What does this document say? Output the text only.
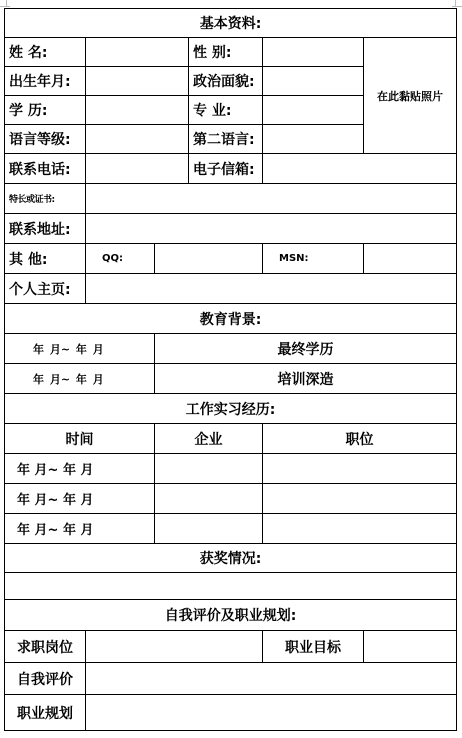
基本资料:					
姓 名:			性 别:		在此黏贴照片
出生年月:			政治面貌:		
学 历:			专 业:		
语言等级:			第二语言:		
联系电话:			电子信箱:		
特长或证书:					
联系地址:					
其 他:	QQ:			MSN:	
个人主页:					
教育背景:					
年 月~ 年 月		最终学历			
年 月~ 年 月		培训深造			
工作实习经历:					
时间		企业		职位	
年 月~ 年 月					
年 月~ 年 月					
年 月~ 年 月					
获奖情况:					

自我评价及职业规划:					
求职岗位				职业目标	
自我评价					
职业规划					
